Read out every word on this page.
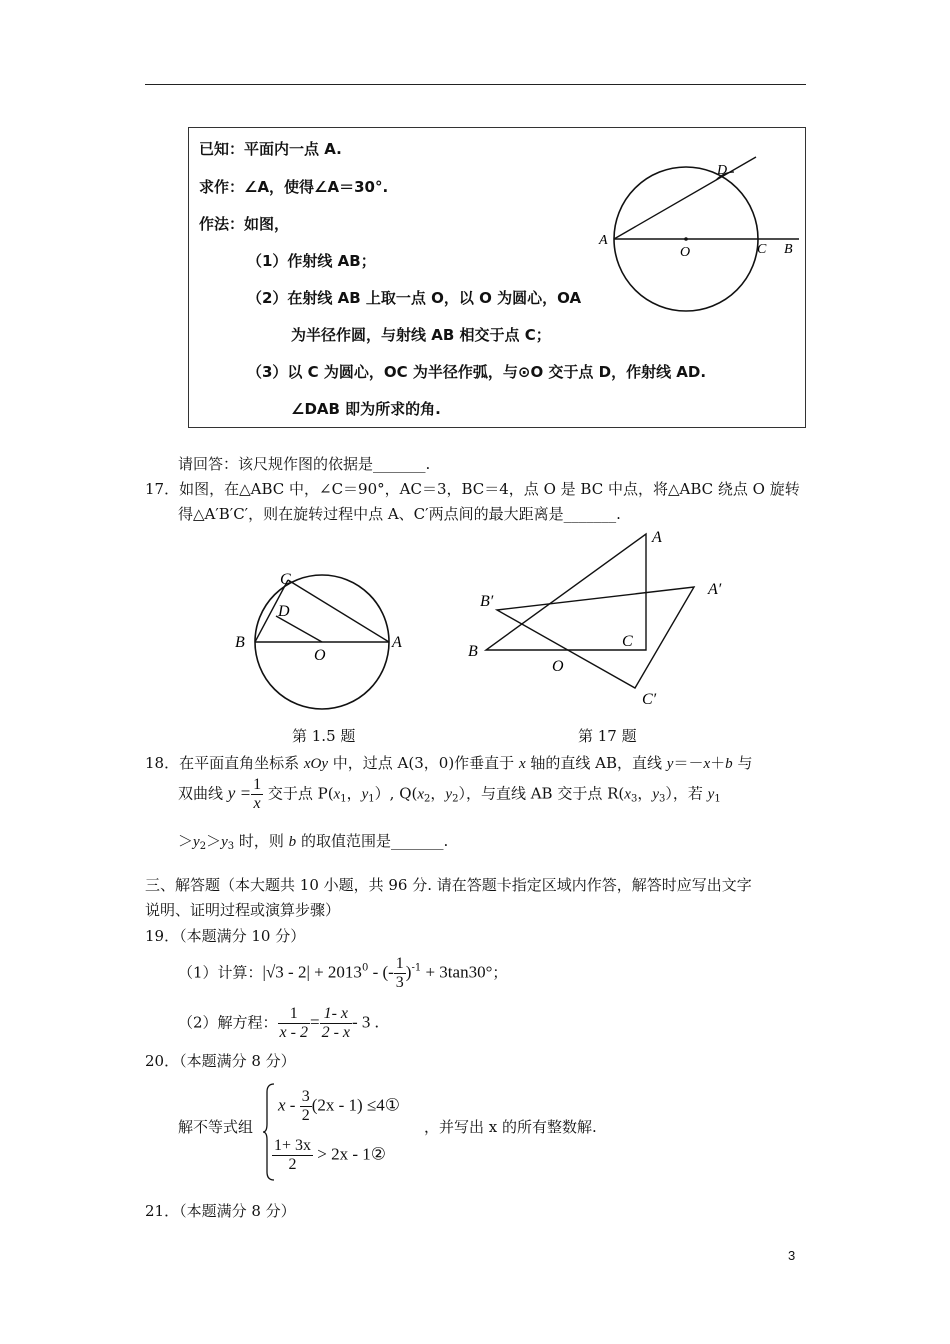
已知：平面内一点 A.
求作：∠A，使得∠A＝30°.
作法：如图，
（1）作射线 AB；
（2）在射线 AB 上取一点 O，以 O 为圆心，OA
为半径作圆，与射线 AB 相交于点 C；
（3）以 C 为圆心，OC 为半径作弧，与⊙O 交于点 D，作射线 AD.
∠DAB 即为所求的角.
A
O	C B
D
请回答：该尺规作图的依据是_______.
17．如图，在△ABC 中，∠C＝90°，AC＝3，BC＝4，点 O 是 BC 中点，将△ABC 绕点 O 旋转
得△A′B′C′，则在旋转过程中点 A、C′两点间的最大距离是_______.
C
D
B
O
A
第 1.5 题
A
A′
B′
B
C
O
C′
第 17 题
18．在平面直角坐标系 xOy 中，过点 A(3，0)作垂直于 x 轴的直线 AB，直线 y＝－x＋b 与
双曲线 $y = \frac{1}{x}$ 交于点 $P(x_1$，$y_1$）, $Q(x_2$，$y_2$），与直线 AB 交于点 $R(x_3$，$y_3$），若 $y_1$
$>y_2>y_3$ 时，则 b 的取值范围是_______.
三、解答题（本大题共 10 小题，共 96 分. 请在答题卡指定区域内作答，解答时应写出文字
说明、证明过程或演算步骤）
19．（本题满分 10 分）
（1）计算：$|√3 - 2| + 2013^0$ - (- $\frac{1}{3} )^{-1} + 3\tan 30^\circ$；
（2）解方程： $\frac{1}{x - 2} = \frac{1- x}{2 - x} - 3$ .
20．（本题满分 8 分）
解不等式组
x - $\frac{3}{2} (2x - 1)$ ≤4①
$\frac{1+ 3x}{2} > 2x$ - 1②
，并写出 x 的所有整数解.
21．（本题满分 8 分）
3
